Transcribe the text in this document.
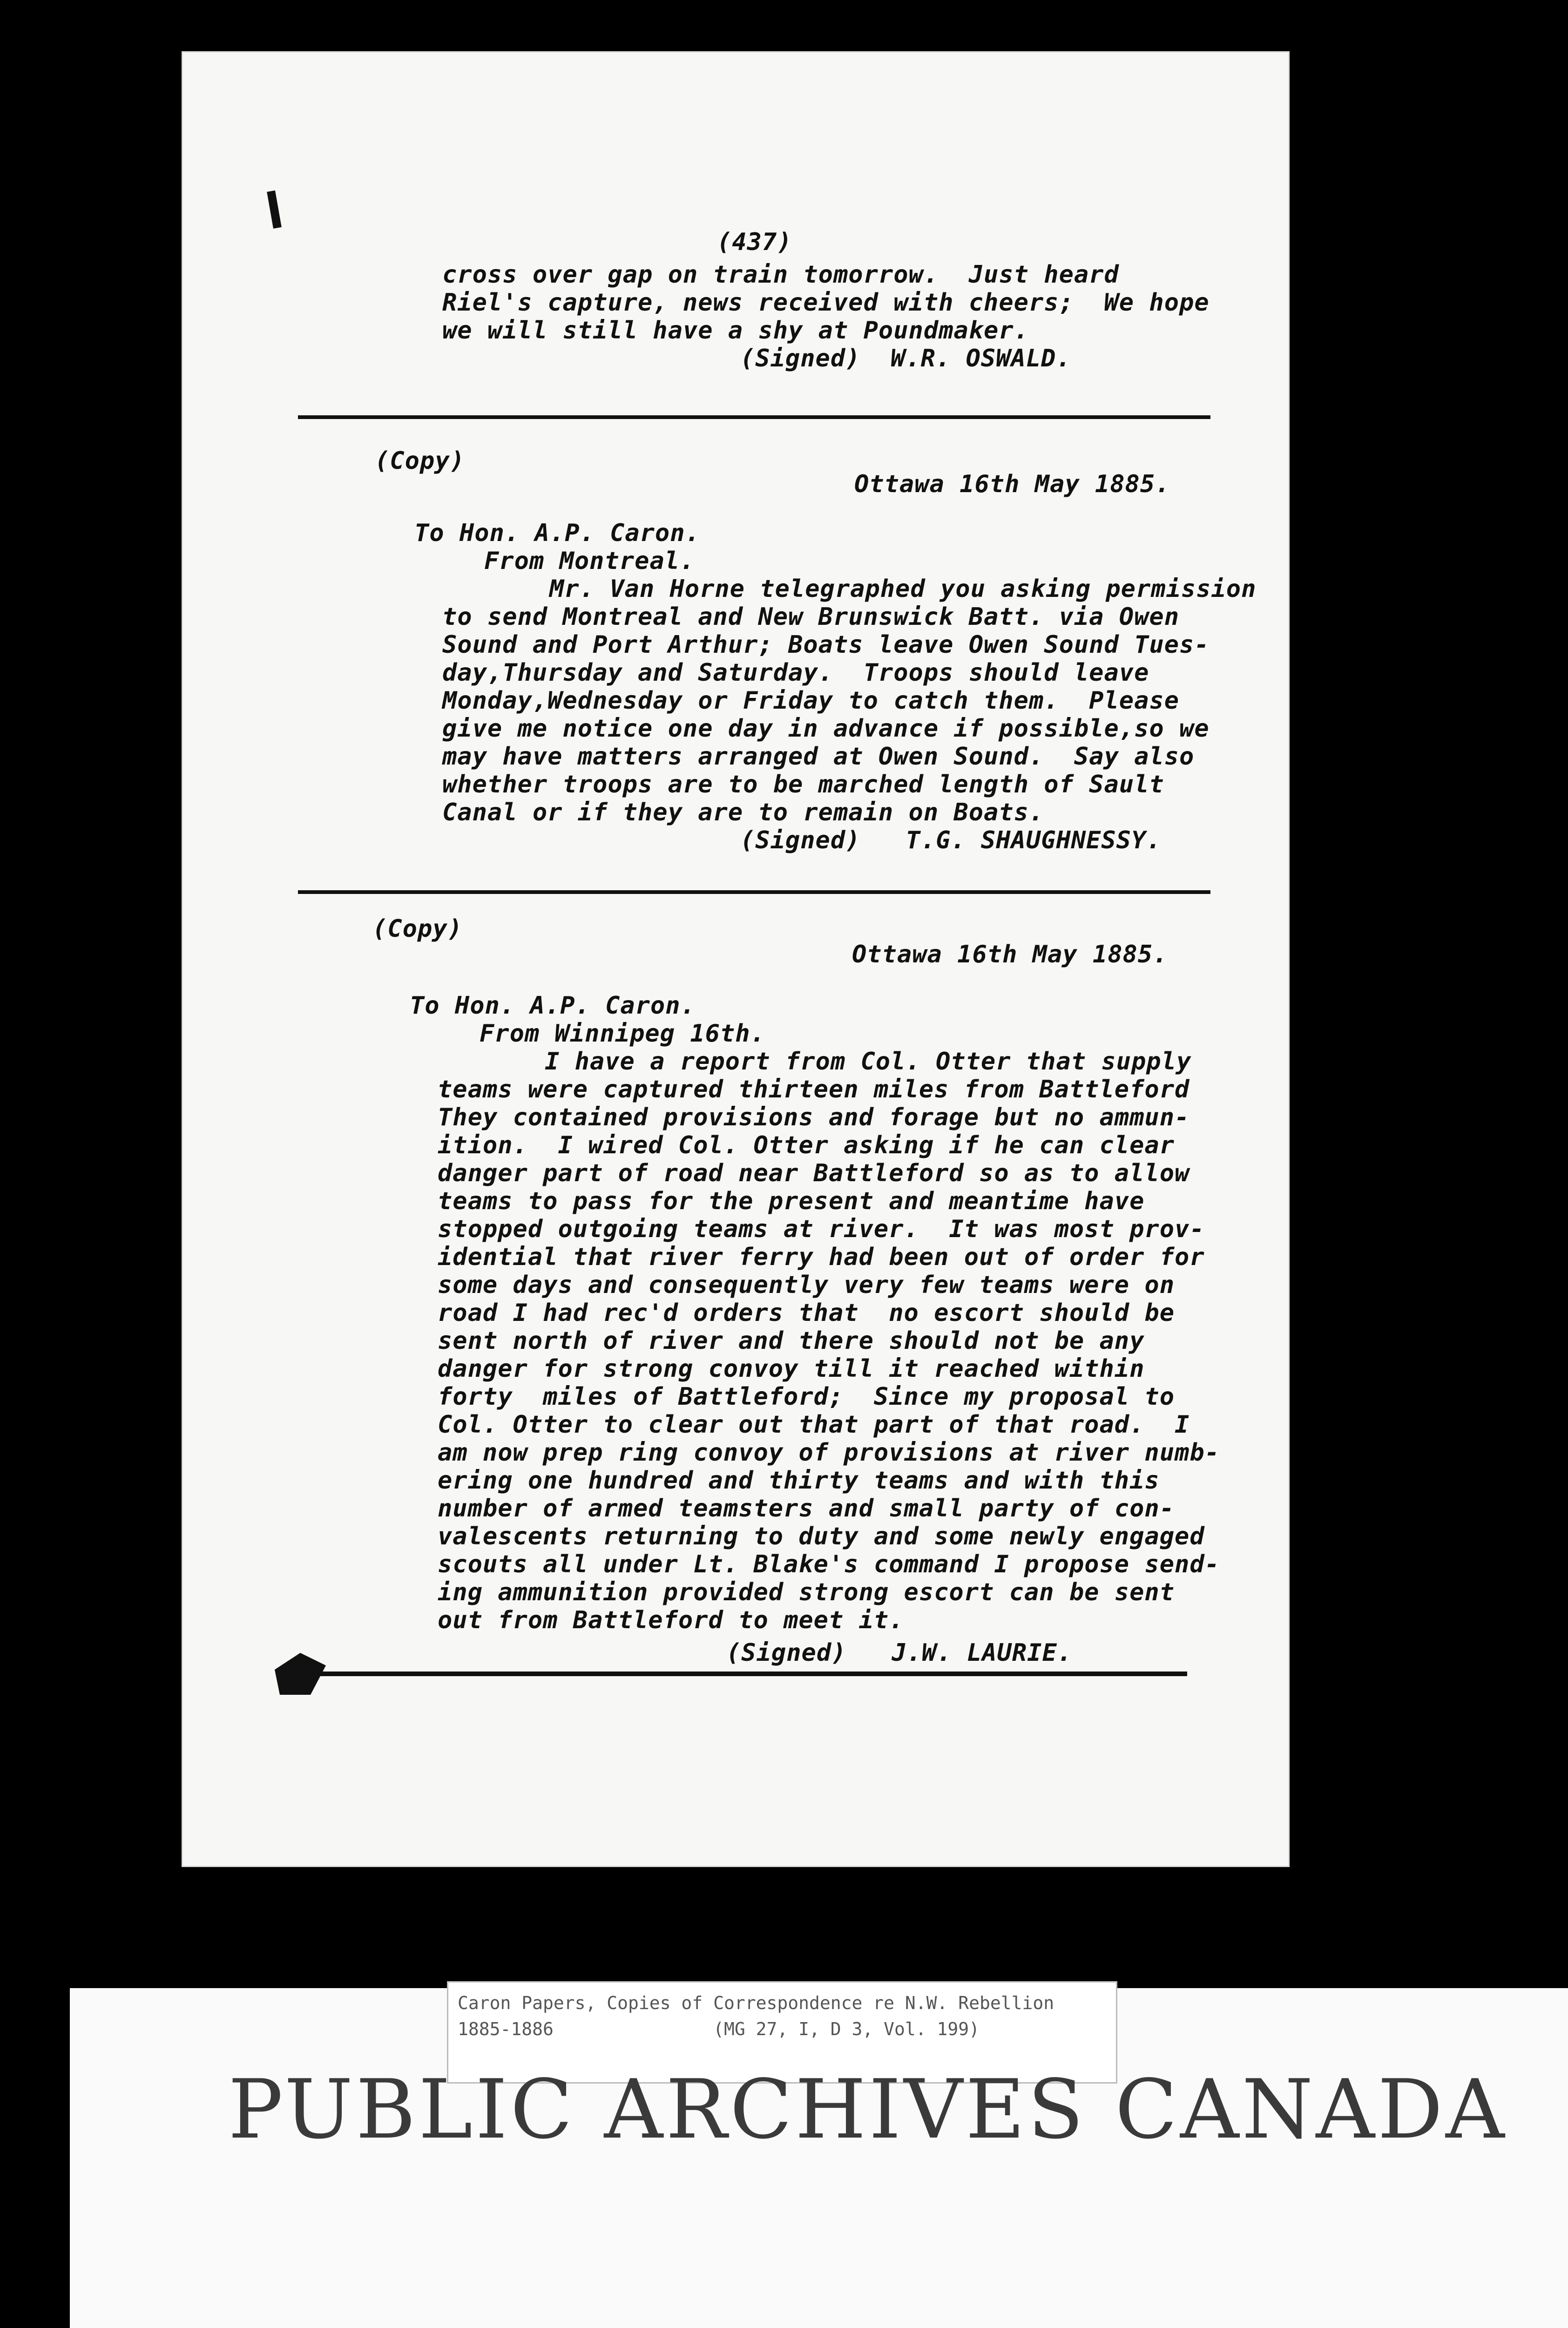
(437)
cross over gap on train tomorrow.  Just heard
Riel's capture, news received with cheers;  We hope
we will still have a shy at Poundmaker.
(Signed)  W.R. OSWALD.
(Copy)
Ottawa 16th May 1885.
To Hon. A.P. Caron.
From Montreal.
Mr. Van Horne telegraphed you asking permission
to send Montreal and New Brunswick Batt. via Owen
Sound and Port Arthur; Boats leave Owen Sound Tues-
day,Thursday and Saturday.  Troops should leave
Monday,Wednesday or Friday to catch them.  Please
give me notice one day in advance if possible,so we
may have matters arranged at Owen Sound.  Say also
whether troops are to be marched length of Sault
Canal or if they are to remain on Boats.
(Signed)   T.G. SHAUGHNESSY.
(Copy)
Ottawa 16th May 1885.
To Hon. A.P. Caron.
From Winnipeg 16th.
I have a report from Col. Otter that supply
teams were captured thirteen miles from Battleford
They contained provisions and forage but no ammun-
ition.  I wired Col. Otter asking if he can clear
danger part of road near Battleford so as to allow
teams to pass for the present and meantime have
stopped outgoing teams at river.  It was most prov-
idential that river ferry had been out of order for
some days and consequently very few teams were on
road I had rec'd orders that  no escort should be
sent north of river and there should not be any
danger for strong convoy till it reached within
forty  miles of Battleford;  Since my proposal to
Col. Otter to clear out that part of that road.  I
am now prep ring convoy of provisions at river numb-
ering one hundred and thirty teams and with this
number of armed teamsters and small party of con-
valescents returning to duty and some newly engaged
scouts all under Lt. Blake's command I propose send-
ing ammunition provided strong escort can be sent
out from Battleford to meet it.
(Signed)   J.W. LAURIE.
Caron Papers, Copies of Correspondence re N.W. Rebellion
1885-1886               (MG 27, I, D 3, Vol. 199)
PUBLIC ARCHIVES CANADA
